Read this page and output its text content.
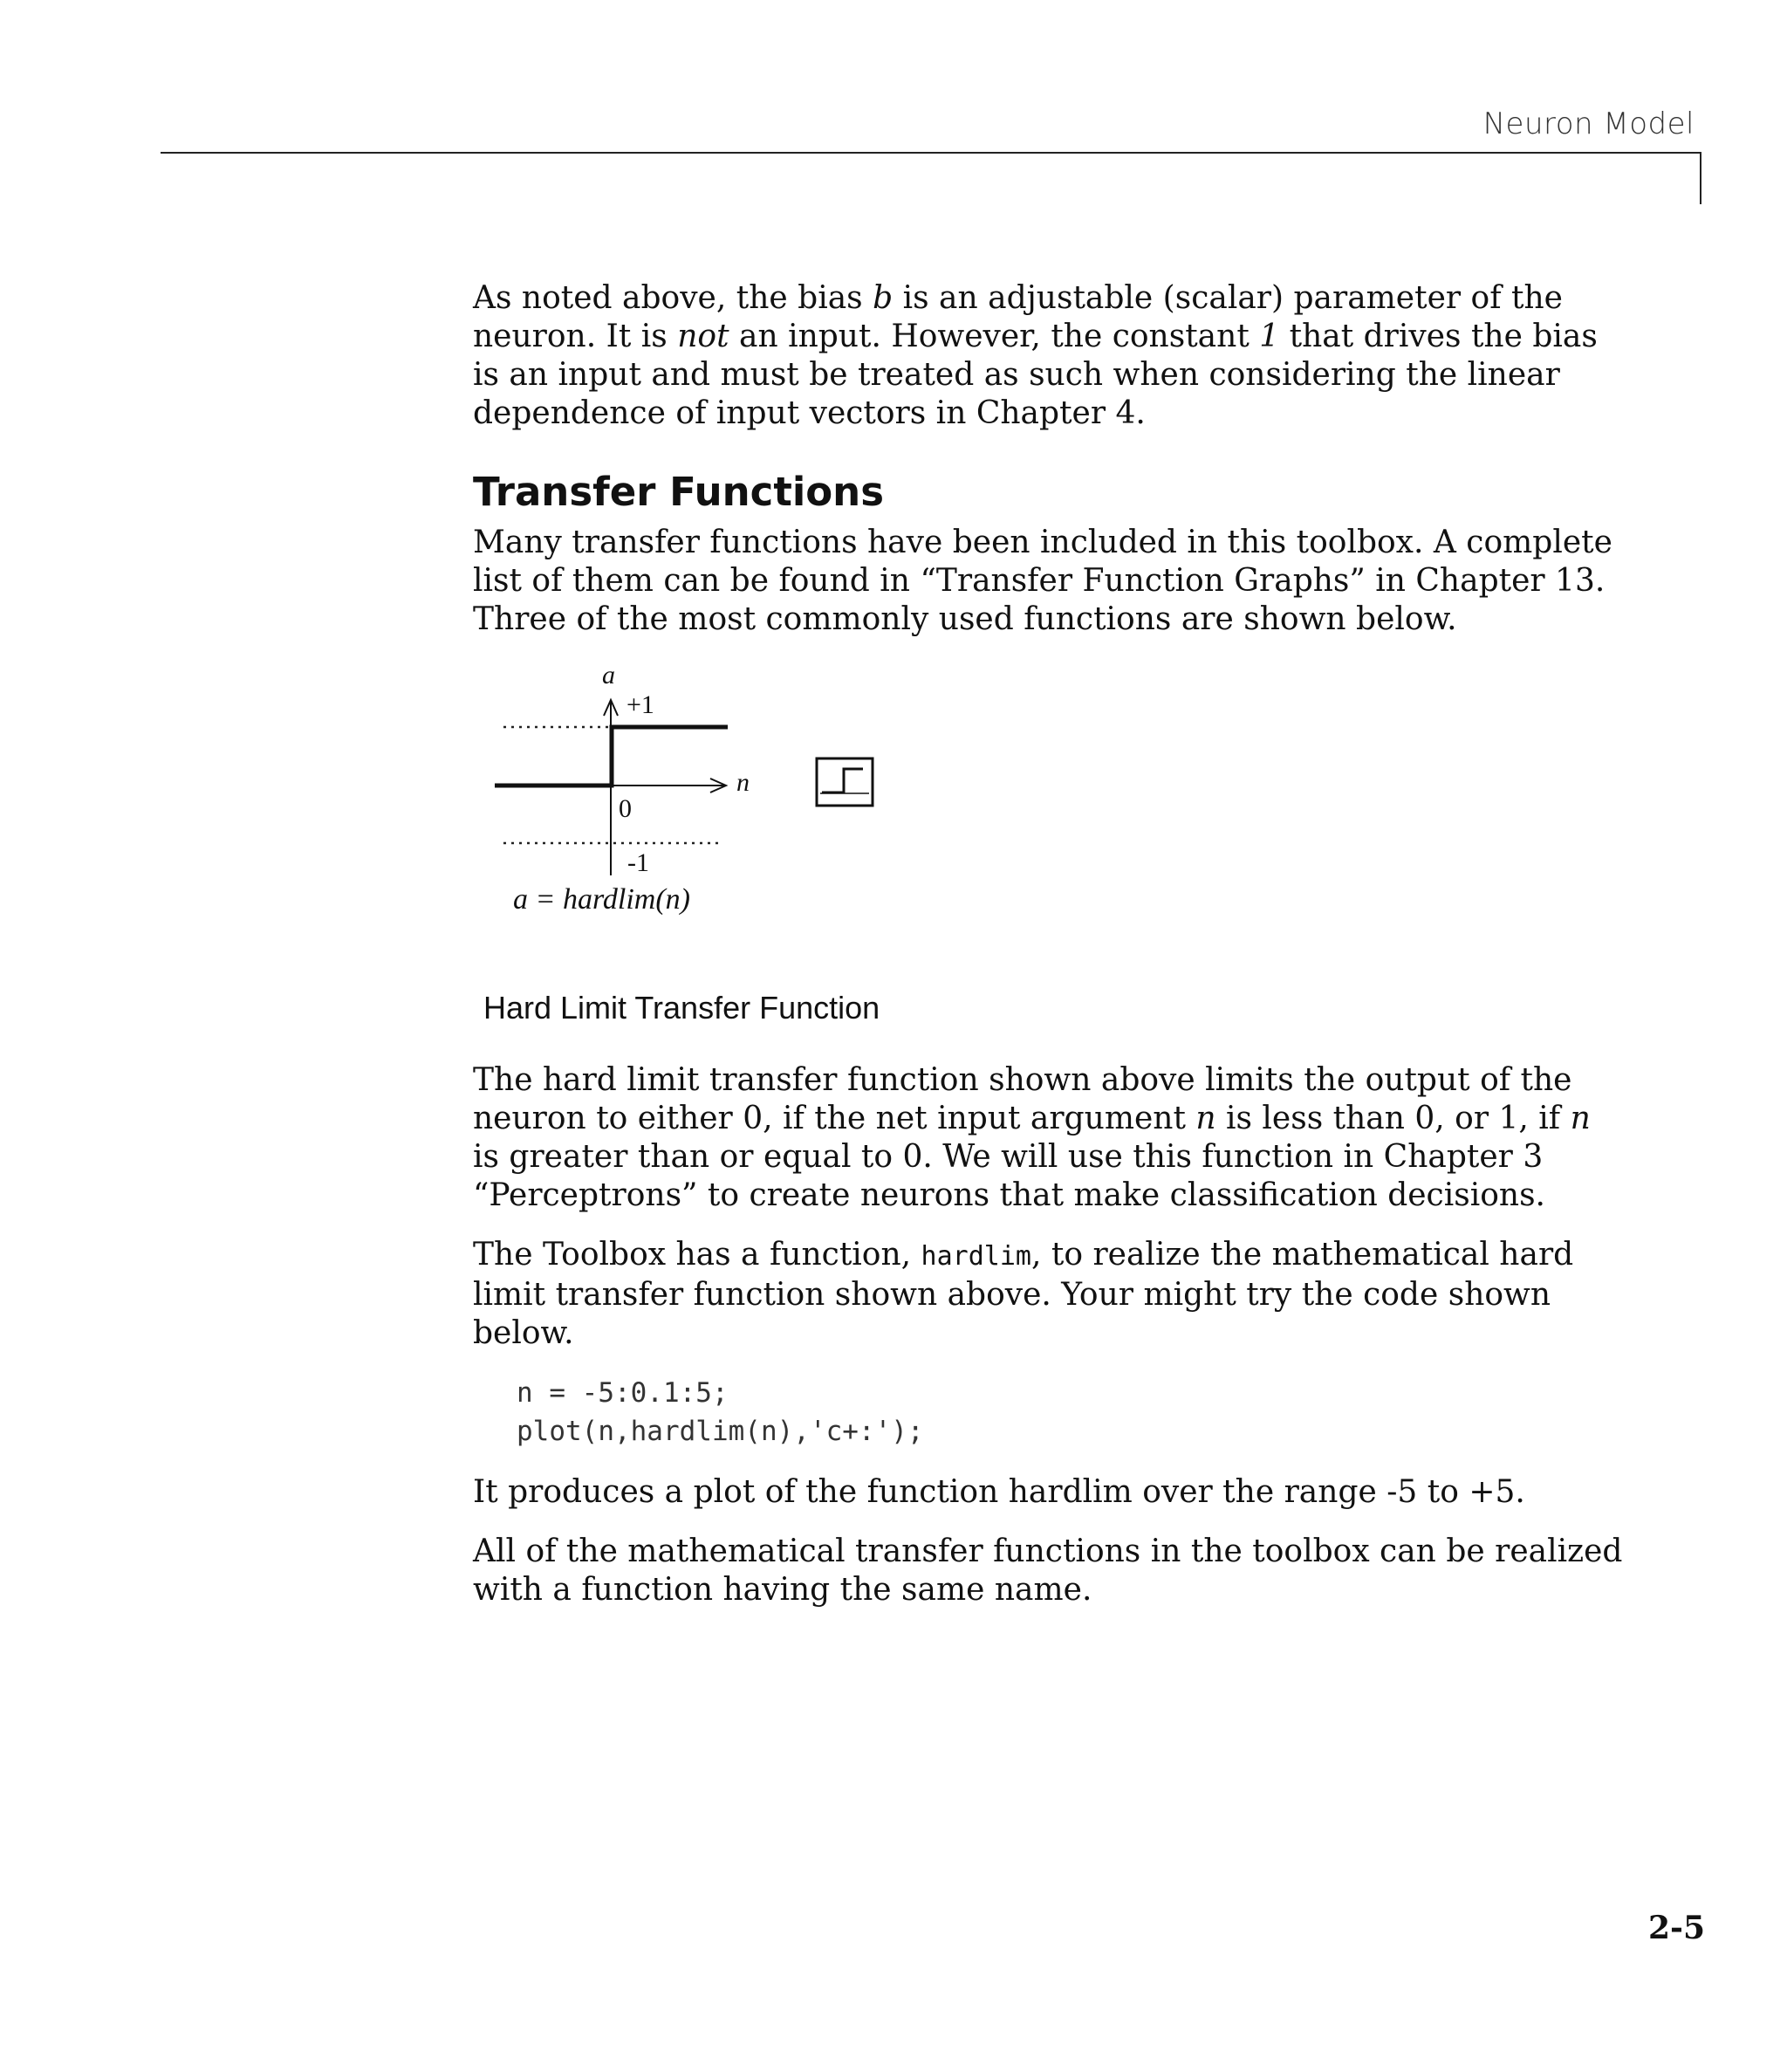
Neuron Model

As noted above, the bias b is an adjustable (scalar) parameter of the neuron. It is not an input. However, the constant 1 that drives the bias is an input and must be treated as such when considering the linear dependence of input vectors in Chapter 4.

Transfer Functions

Many transfer functions have been included in this toolbox. A complete list of them can be found in “Transfer Function Graphs” in Chapter 13. Three of the most commonly used functions are shown below.

a
+1
n
0
-1
a = hardlim(n)
Hard Limit Transfer Function

The hard limit transfer function shown above limits the output of the neuron to either 0, if the net input argument n is less than 0, or 1, if n is greater than or equal to 0. We will use this function in Chapter 3 “Perceptrons” to create neurons that make classification decisions.

The Toolbox has a function, hardlim, to realize the mathematical hard limit transfer function shown above. Your might try the code shown below.

n = -5:0.1:5;
plot(n,hardlim(n),'c+:');

It produces a plot of the function hardlim over the range -5 to +5.

All of the mathematical transfer functions in the toolbox can be realized with a function having the same name.

2-5
